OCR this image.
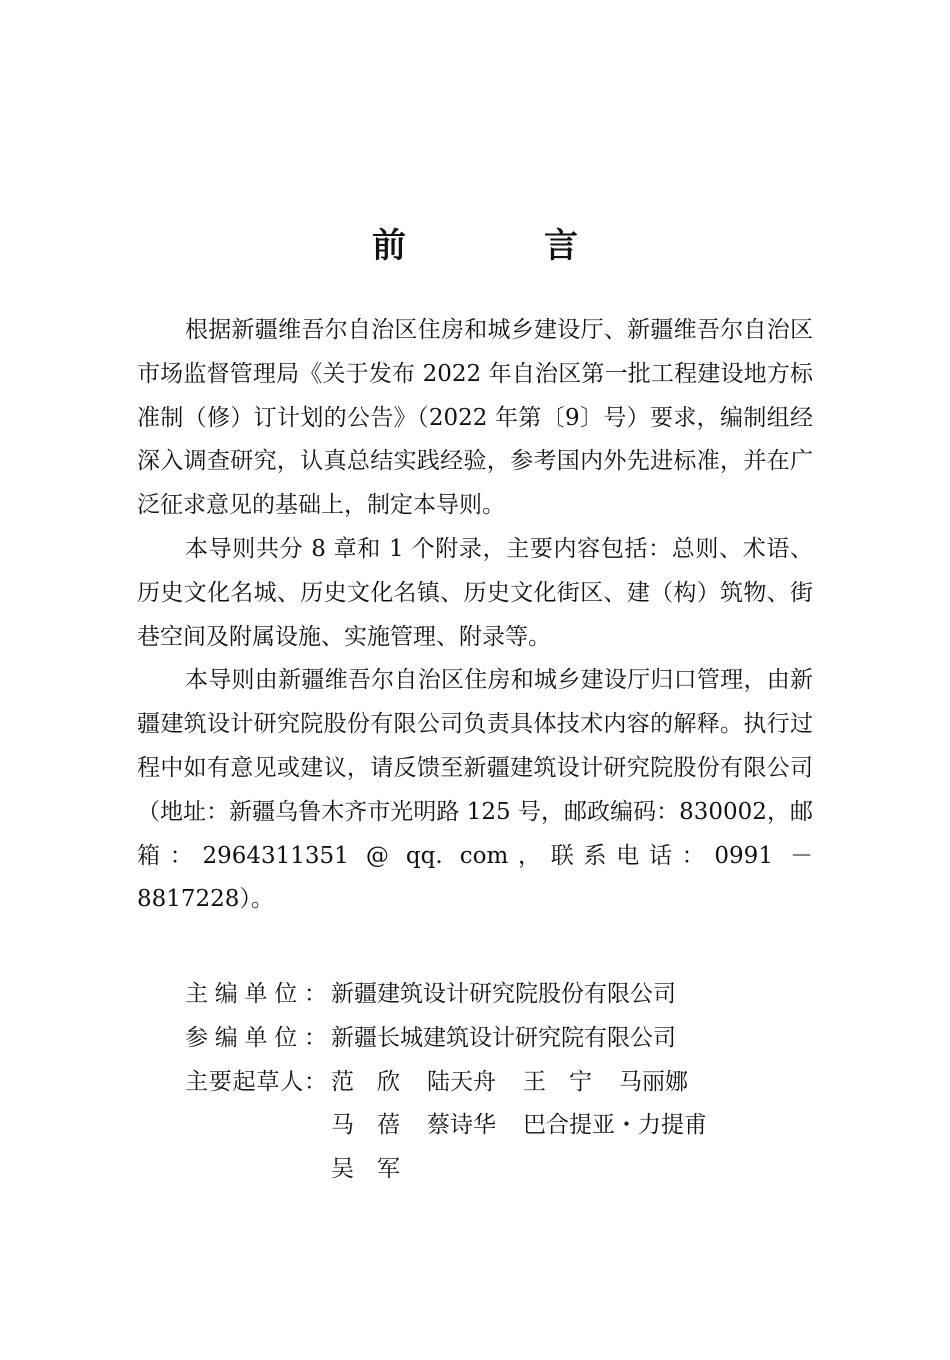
前　言

根据新疆维吾尔自治区住房和城乡建设厅、新疆维吾尔自治区市场监督管理局《关于发布 2022 年自治区第一批工程建设地方标准制（修）订计划的公告》（2022 年第〔9〕号）要求，编制组经深入调查研究，认真总结实践经验，参考国内外先进标准，并在广泛征求意见的基础上，制定本导则。

本导则共分 8 章和 1 个附录，主要内容包括：总则、术语、历史文化名城、历史文化名镇、历史文化街区、建（构）筑物、街巷空间及附属设施、实施管理、附录等。

本导则由新疆维吾尔自治区住房和城乡建设厅归口管理，由新疆建筑设计研究院股份有限公司负责具体技术内容的解释。执行过程中如有意见或建议，请反馈至新疆建筑设计研究院股份有限公司（地址：新疆乌鲁木齐市光明路 125 号，邮政编码：830002，邮箱：2964311351 @ qq. com，联系电话：0991 －8817228）。

主编单位： 新疆建筑设计研究院股份有限公司
参编单位： 新疆长城建筑设计研究院有限公司
主要起草人： 范　欣 陆天舟 王　宁 马丽娜
马　蓓 蔡诗华 巴合提亚・力提甫
吴　军
